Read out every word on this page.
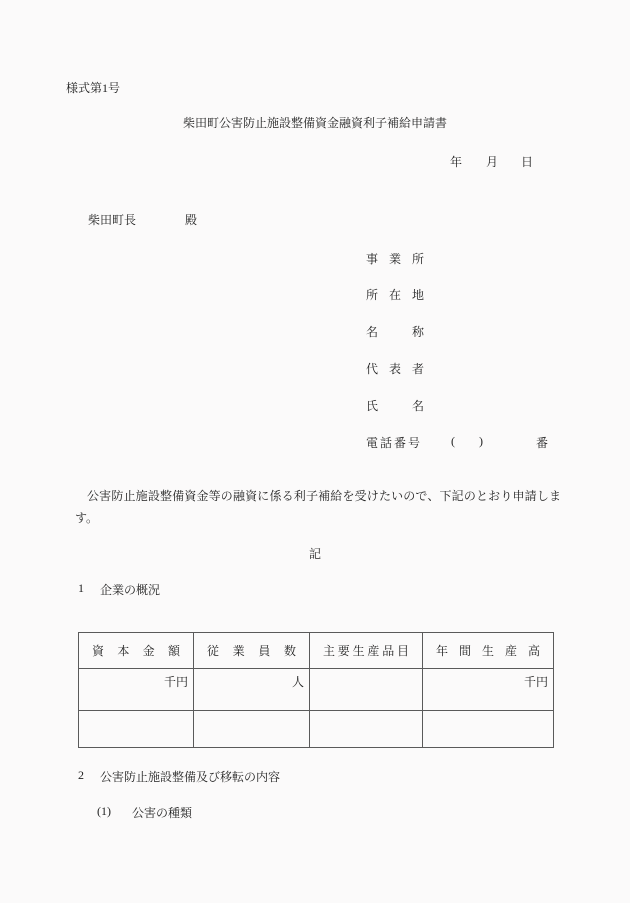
様式第1号
柴田町公害防止施設整備資金融資利子補給申請書
年 月 日
柴田町長	殿
事業所
所在地
名称
代表者
氏名
電話番号	( )	番

公害防止施設整備資金等の融資に係る利子補給を受けたいので、下記のとおり申請します。

記
1	企業の概況
資本金額	従業員数	主要生産品目	年間生産高
千円	人		千円

2	公害防止施設整備及び移転の内容
(1)	公害の種類
